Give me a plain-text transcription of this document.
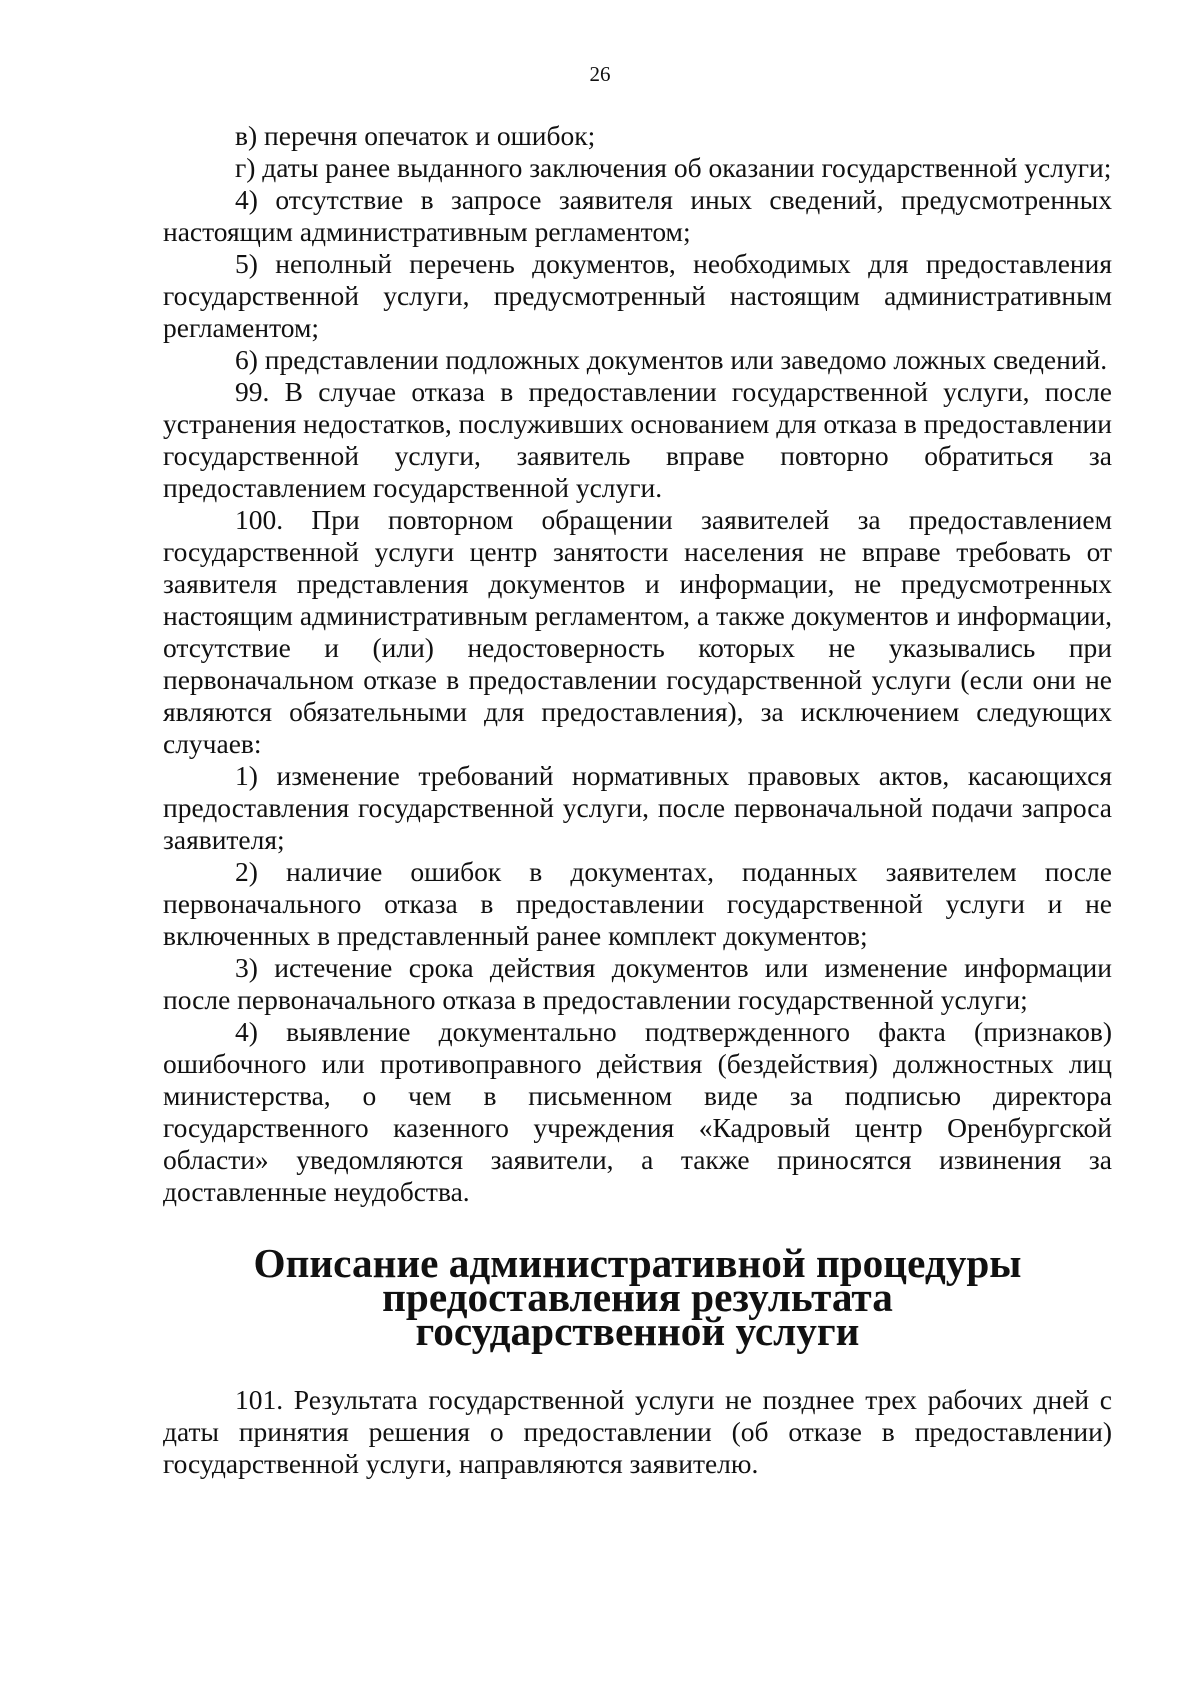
26

в) перечня опечаток и ошибок;

г) даты ранее выданного заключения об оказании государственной услуги;

4) отсутствие в запросе заявителя иных сведений, предусмотренных настоящим административным регламентом;

5) неполный перечень документов, необходимых для предоставления государственной услуги, предусмотренный настоящим административным регламентом;

6) представлении подложных документов или заведомо ложных сведений.

99. В случае отказа в предоставлении государственной услуги, после устранения недостатков, послуживших основанием для отказа в предоставлении государственной услуги, заявитель вправе повторно обратиться за предоставлением государственной услуги.

100. При повторном обращении заявителей за предоставлением государственной услуги центр занятости населения не вправе требовать от заявителя представления документов и информации, не предусмотренных настоящим административным регламентом, а также документов и информации, отсутствие и (или) недостоверность которых не указывались при первоначальном отказе в предоставлении государственной услуги (если они не являются обязательными для предоставления), за исключением следующих случаев:

1) изменение требований нормативных правовых актов, касающихся предоставления государственной услуги, после первоначальной подачи запроса заявителя;

2) наличие ошибок в документах, поданных заявителем после первоначального отказа в предоставлении государственной услуги и не включенных в представленный ранее комплект документов;

3) истечение срока действия документов или изменение информации после первоначального отказа в предоставлении государственной услуги;

4) выявление документально подтвержденного факта (признаков) ошибочного или противоправного действия (бездействия) должностных лиц министерства, о чем в письменном виде за подписью директора государственного казенного учреждения «Кадровый центр Оренбургской области» уведомляются заявители, а также приносятся извинения за доставленные неудобства.

Описание административной процедуры предоставления результата
государственной услуги

101. Результата государственной услуги не позднее трех рабочих дней с даты принятия решения о предоставлении (об отказе в предоставлении) государственной услуги, направляются заявителю.
